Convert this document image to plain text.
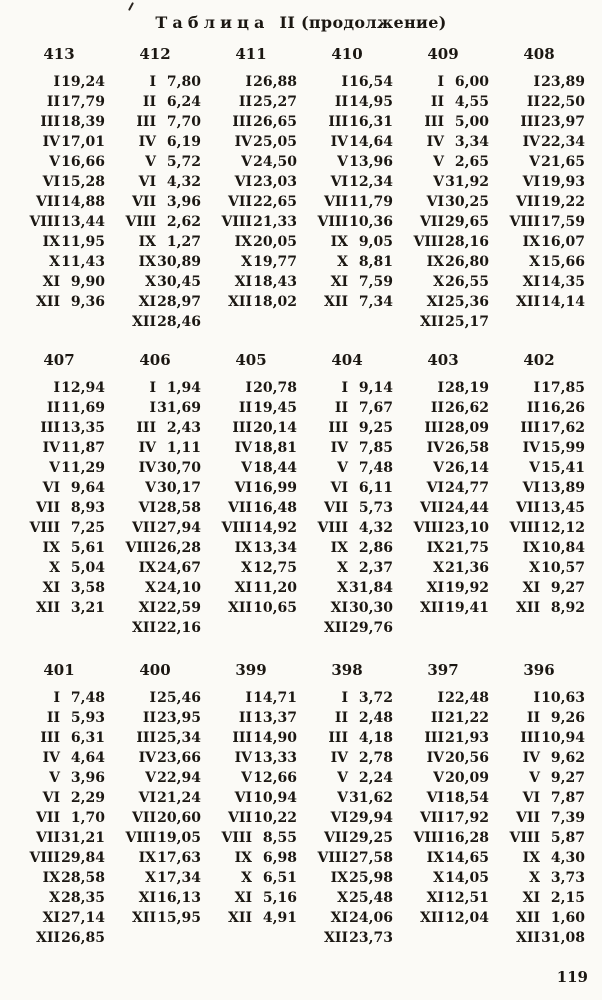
Таблица II (продолжение)
413
I 19,24
II 17,79
III 18,39
IV 17,01
V 16,66
VI 15,28
VII 14,88
VIII 13,44
IX 11,95
X 11,43
XI 9,90
XII 9,36
412
I 7,80
II 6,24
III 7,70
IV 6,19
V 5,72
VI 4,32
VII 3,96
VIII 2,62
IX 1,27
IX 30,89
X 30,45
XI 28,97
XII 28,46
411
I 26,88
II 25,27
III 26,65
IV 25,05
V 24,50
VI 23,03
VII 22,65
VIII 21,33
IX 20,05
X 19,77
XI 18,43
XII 18,02
410
I 16,54
II 14,95
III 16,31
IV 14,64
V 13,96
VI 12,34
VII 11,79
VIII 10,36
IX 9,05
X 8,81
XI 7,59
XII 7,34
409
I 6,00
II 4,55
III 5,00
IV 3,34
V 2,65
V 31,92
VI 30,25
VII 29,65
VIII 28,16
IX 26,80
X 26,55
XI 25,36
XII 25,17
408
I 23,89
II 22,50
III 23,97
IV 22,34
V 21,65
VI 19,93
VII 19,22
VIII 17,59
IX 16,07
X 15,66
XI 14,35
XII 14,14
407
I 12,94
II 11,69
III 13,35
IV 11,87
V 11,29
VI 9,64
VII 8,93
VIII 7,25
IX 5,61
X 5,04
XI 3,58
XII 3,21
406
I 1,94
I 31,69
III 2,43
IV 1,11
IV 30,70
V 30,17
VI 28,58
VII 27,94
VIII 26,28
IX 24,67
X 24,10
XI 22,59
XII 22,16
405
I 20,78
II 19,45
III 20,14
IV 18,81
V 18,44
VI 16,99
VII 16,48
VIII 14,92
IX 13,34
X 12,75
XI 11,20
XII 10,65
404
I 9,14
II 7,67
III 9,25
IV 7,85
V 7,48
VI 6,11
VII 5,73
VIII 4,32
IX 2,86
X 2,37
X 31,84
XI 30,30
XII 29,76
403
I 28,19
II 26,62
III 28,09
IV 26,58
V 26,14
VI 24,77
VII 24,44
VIII 23,10
IX 21,75
X 21,36
XI 19,92
XII 19,41
402
I 17,85
II 16,26
III 17,62
IV 15,99
V 15,41
VI 13,89
VII 13,45
VIII 12,12
IX 10,84
X 10,57
XI 9,27
XII 8,92
401
I 7,48
II 5,93
III 6,31
IV 4,64
V 3,96
VI 2,29
VII 1,70
VII 31,21
VIII 29,84
IX 28,58
X 28,35
XI 27,14
XII 26,85
400
I 25,46
II 23,95
III 25,34
IV 23,66
V 22,94
VI 21,24
VII 20,60
VIII 19,05
IX 17,63
X 17,34
XI 16,13
XII 15,95
399
I 14,71
II 13,37
III 14,90
IV 13,33
V 12,66
VI 10,94
VII 10,22
VIII 8,55
IX 6,98
X 6,51
XI 5,16
XII 4,91
398
I 3,72
II 2,48
III 4,18
IV 2,78
V 2,24
V 31,62
VI 29,94
VII 29,25
VIII 27,58
IX 25,98
X 25,48
XI 24,06
XII 23,73
397
I 22,48
II 21,22
III 21,93
IV 20,56
V 20,09
VI 18,54
VII 17,92
VIII 16,28
IX 14,65
X 14,05
XI 12,51
XII 12,04
396
I 10,63
II 9,26
III 10,94
IV 9,62
V 9,27
VI 7,87
VII 7,39
VIII 5,87
IX 4,30
X 3,73
XI 2,15
XII 1,60
XII 31,08
119
